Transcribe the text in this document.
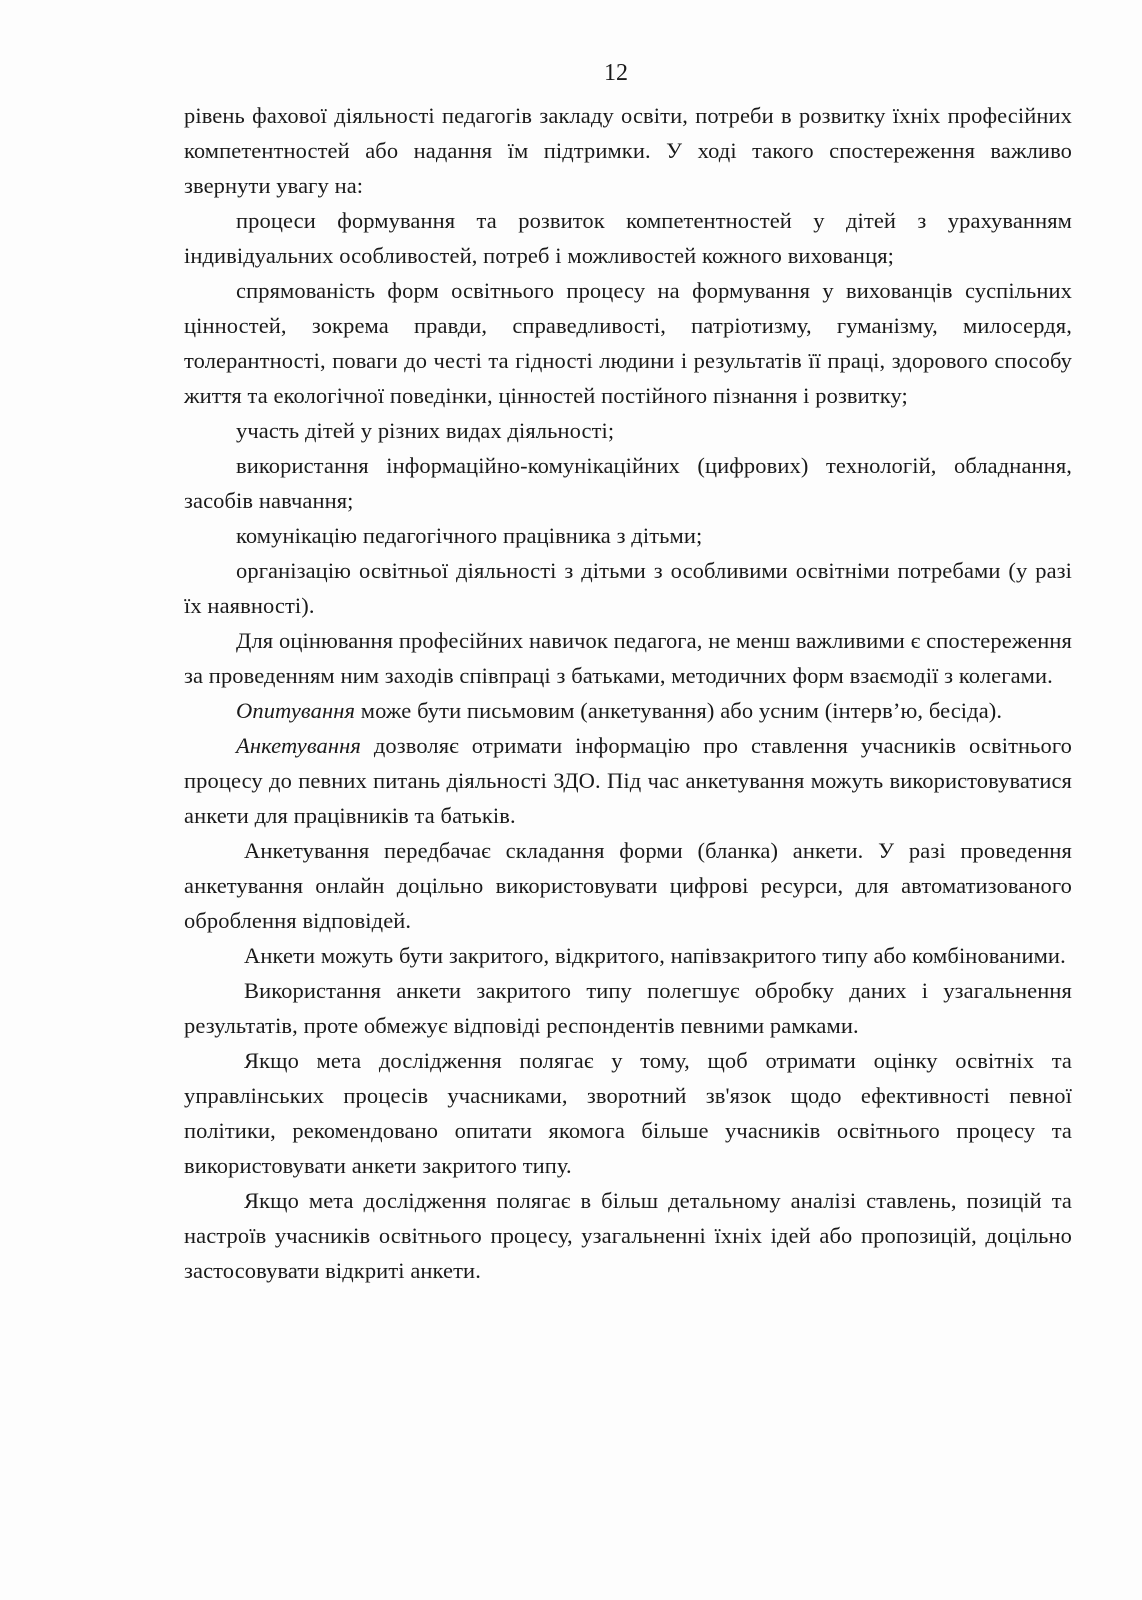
12

рівень фахової діяльності педагогів закладу освіти, потреби в розвитку їхніх професійних компетентностей або надання їм підтримки. У ході такого спостереження важливо звернути увагу на:

процеси формування та розвиток компетентностей у дітей з урахуванням індивідуальних особливостей, потреб і можливостей кожного вихованця;

спрямованість форм освітнього процесу на формування у вихованців суспільних цінностей, зокрема правди, справедливості, патріотизму, гуманізму, милосердя, толерантності, поваги до честі та гідності людини і результатів її праці, здорового способу життя та екологічної поведінки, цінностей постійного пізнання і розвитку;

участь дітей у різних видах діяльності;

використання інформаційно-комунікаційних (цифрових) технологій, обладнання, засобів навчання;

комунікацію педагогічного працівника з дітьми;

організацію освітньої діяльності з дітьми з особливими освітніми потребами (у разі їх наявності).

Для оцінювання професійних навичок педагога, не менш важливими є спостереження за проведенням ним заходів співпраці з батьками, методичних форм взаємодії з колегами.

Опитування може бути письмовим (анкетування) або усним (інтерв’ю, бесіда).

Анкетування дозволяє отримати інформацію про ставлення учасників освітнього процесу до певних питань діяльності ЗДО. Під час анкетування можуть використовуватися анкети для працівників та батьків.

Анкетування передбачає складання форми (бланка) анкети. У разі проведення анкетування онлайн доцільно використовувати цифрові ресурси, для автоматизованого оброблення відповідей.

Анкети можуть бути закритого, відкритого, напівзакритого типу або комбінованими.

Використання анкети закритого типу полегшує обробку даних і узагальнення результатів, проте обмежує відповіді респондентів певними рамками.

Якщо мета дослідження полягає у тому, щоб отримати оцінку освітніх та управлінських процесів учасниками, зворотний зв'язок щодо ефективності певної політики, рекомендовано опитати якомога більше учасників освітнього процесу та використовувати анкети закритого типу.

Якщо мета дослідження полягає в більш детальному аналізі ставлень, позицій та настроїв учасників освітнього процесу, узагальненні їхніх ідей або пропозицій, доцільно застосовувати відкриті анкети.
